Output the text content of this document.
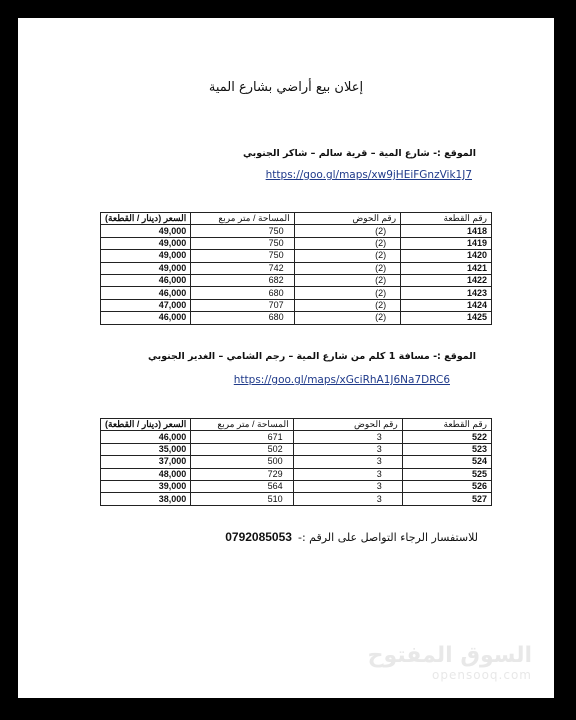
إعلان بيع أراضي بشارع المية
الموقع :- شارع المية – قرية سالم – شاكر الجنوبي
https://goo.gl/maps/xw9jHEiFGnzVik1J7
رقم القطعة	رقم الحوض	المساحة / متر مربع	السعر (دينار / القطعة)
1418	(2)	750	49,000
1419	(2)	750	49,000
1420	(2)	750	49,000
1421	(2)	742	49,000
1422	(2)	682	46,000
1423	(2)	680	46,000
1424	(2)	707	47,000
1425	(2)	680	46,000
الموقع :- مسافة 1 كلم من شارع المية – رجم الشامي – الغدير الجنوبي
https://goo.gl/maps/xGciRhA1J6Na7DRC6
رقم القطعة	رقم الحوض	المساحة / متر مربع	السعر (دينار / القطعة)
522	3	671	46,000
523	3	502	35,000
524	3	500	37,000
525	3	729	48,000
526	3	564	39,000
527	3	510	38,000
للاستفسار الرجاء التواصل على الرقم :-0792085053
السوق المفتوح
opensooq.com
